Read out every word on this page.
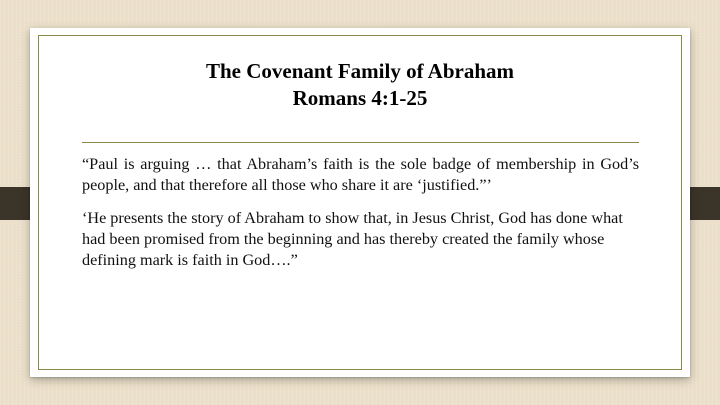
The Covenant Family of Abraham
Romans 4:1-25

“Paul is arguing … that Abraham’s faith is the sole badge of membership in God’s people, and that therefore all those who share it are ‘justified.”’

‘He presents the story of Abraham to show that, in Jesus Christ, God has done what had been promised from the beginning and has thereby created the family whose defining mark is faith in God….”
